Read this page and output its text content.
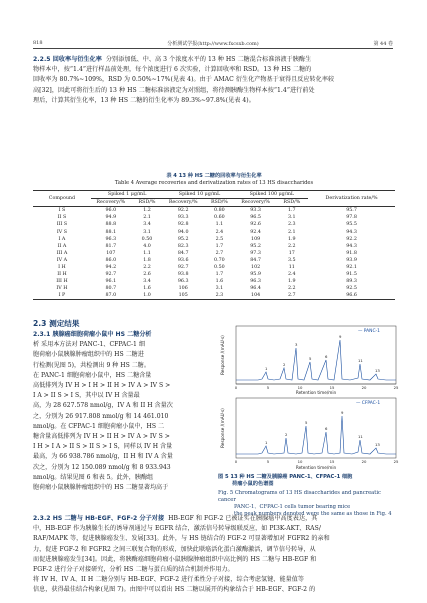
818	分析测试学报(http://www.fxcsxb.com)	第 44 卷
2.2.5 回收率与衍生化率 分别添加低、中、高 3 个浓度水平的 13 种 HS 二糖混合标准溶液于胰酶生
物样本中，按“1.4”进行样品前处理，每个浓度进行 6 次实验，计算回收率和 RSD。13 种 HS 二糖的
回收率为 80.7%~109%，RSD 为 0.50%~17%(见表 4)。由于 AMAC 衍生化产物基于衰得且反应转化率较
高[32]，因此可将衍生后的 13 种 HS 二糖标准溶液定为对照组，将待测胰酶生物样本按“1.4”进行前处
理后，计算其衍生化率，13 种 HS 二糖的衍生化率为 89.3%~97.8%(见表 4)。
表 4 13 种 HS 二糖的回收率与衍生化率
Table 4 Average recoveries and derivatization rates of 13 HS disaccharides
Compound	Spiked 1 μg/mL		Spiked 10 μg/mL		Spiked 100 μg/mL		Derivatization rate/%
	Recovery/%	RSD/%	Recovery/%	RSD/%	Recovery/%	RSD/%	
I S	96.0	1.2	92.2	0.80	93.3	1.7	95.7
II S	94.9	2.1	93.3	0.60	96.5	3.1	97.8
III S	88.8	3.4	92.8	1.1	92.6	2.3	95.5
IV S	88.1	3.1	94.0	2.4	92.4	2.1	94.3
I A	96.3	0.50	95.2	2.5	109	1.9	92.2
II A	81.7	4.0	82.3	1.7	95.2	2.2	94.3
III A	107	1.1	84.7	2.7	97.3	17	91.8
IV A	86.0	1.8	93.6	0.70	84.7	3.5	93.9
I H	94.2	2.2	92.7	0.50	102	11	92.1
II H	92.7	2.6	93.8	1.7	95.9	2.4	91.5
III H	96.1	3.4	96.3	1.6	96.3	1.9	89.3
IV H	80.7	1.6	106	3.1	96.4	2.2	92.5
I P	87.0	1.0	105	2.3	104	2.7	96.6
2.3 测定结果
2.3.1 胰腺癌细胞荷瘤小鼠中 HS 二糖分析
析 采用本方法对 PANC-1、CFPAC-1 细
胞荷瘤小鼠胰腺肿瘤组织中的 HS 二糖进
行检测(见图 5)，共检测出 9 种 HS 二糖。
在 PANC-1 细胞荷瘤小鼠中，HS 二糖含量
高低排列为 IV H > I H > II H > IV A > IV S >
I A > II S > I S，其中以 IV H 含量最
高，为 28 627.578 nmol/g，IV A 和 II H 含量次
之，分别为 26 917.808 nmol/g 和 14 461.010
nmol/g。在 CFPAC-1 细胞荷瘤小鼠中，HS 二
糖含量高低排列为 IV H > II H > IV A > IV S >
I H > I A > II S > II S > I S，同样以 IV H 含量
最高，为 66 938.786 nmol/g，II H 和 IV A 含量
次之，分别为 12 150.089 nmol/g 和 8 933.943
nmol/g。结果见图 6 和表 5。此外，胰酶组
胞荷瘤小鼠胰腺肿瘤组织中的 HS 二糖显著均高于
Response /(mAU·s)
— PANC-1
1
2
3
5	6
9
11
13
0	5	10	15	20	25
Retention time/min
Response /(mAU·s)
— CFPAC-1
1
2
5
6
9
11
13
0	5	10	15	20	25
Retention time/min
图 5 13 种 HS 二糖及胰腺癌 PANC-1、CFPAC-1 细胞
荷瘤小鼠的色谱图
Fig. 5 Chromatograms of 13 HS disaccharides and pancreatic cancer
PANC-1、CFPAC-1 cells tumor bearing mice
the peak numbers denoted were the same as those in Fig. 4
2.3.2 HS 二糖与 HB-EGF、FGF-2 分子对接 HB-EGF 和 FGF-2 已被证实在胰腺癌中高度表达，其
中，HB-EGF 作为胰腺生长的诱导剂通过与 EGFR 结合，激活信号转导级联反应，如 PI3K-AKT、RAS/
RAF/MAPK 等，促进胰腺癌发生、发展[33]。此外，与 HS 链结合的 FGF-2 可显著增加对 FGFR2 的亲和
力，促进 FGF-2 和 FGFR2 之间三联复合物的形成，加快此联癌活化蛋白激酶激活，调节信号转导，从
而促进胰腺癌发生[34]。因此，将胰酶癌细胞荷瘤小鼠胰腺肿瘤组织中高比例的 HS 二糖与 HB-EGF 和
FGF-2 进行分子对接研究，分析 HS 二糖与蛋白质的结合机制并作用力。
将 IV H、IV A、II H 二糖分别与 HB-EGF、FGF-2 进行柔性分子对接，综合考虑氢键、能量值等
信息，获得最佳结合构象(见图 7)。由图中可以看出 HS 二糖以展开的构象结合于 HB-EGF、FGF-2 的
